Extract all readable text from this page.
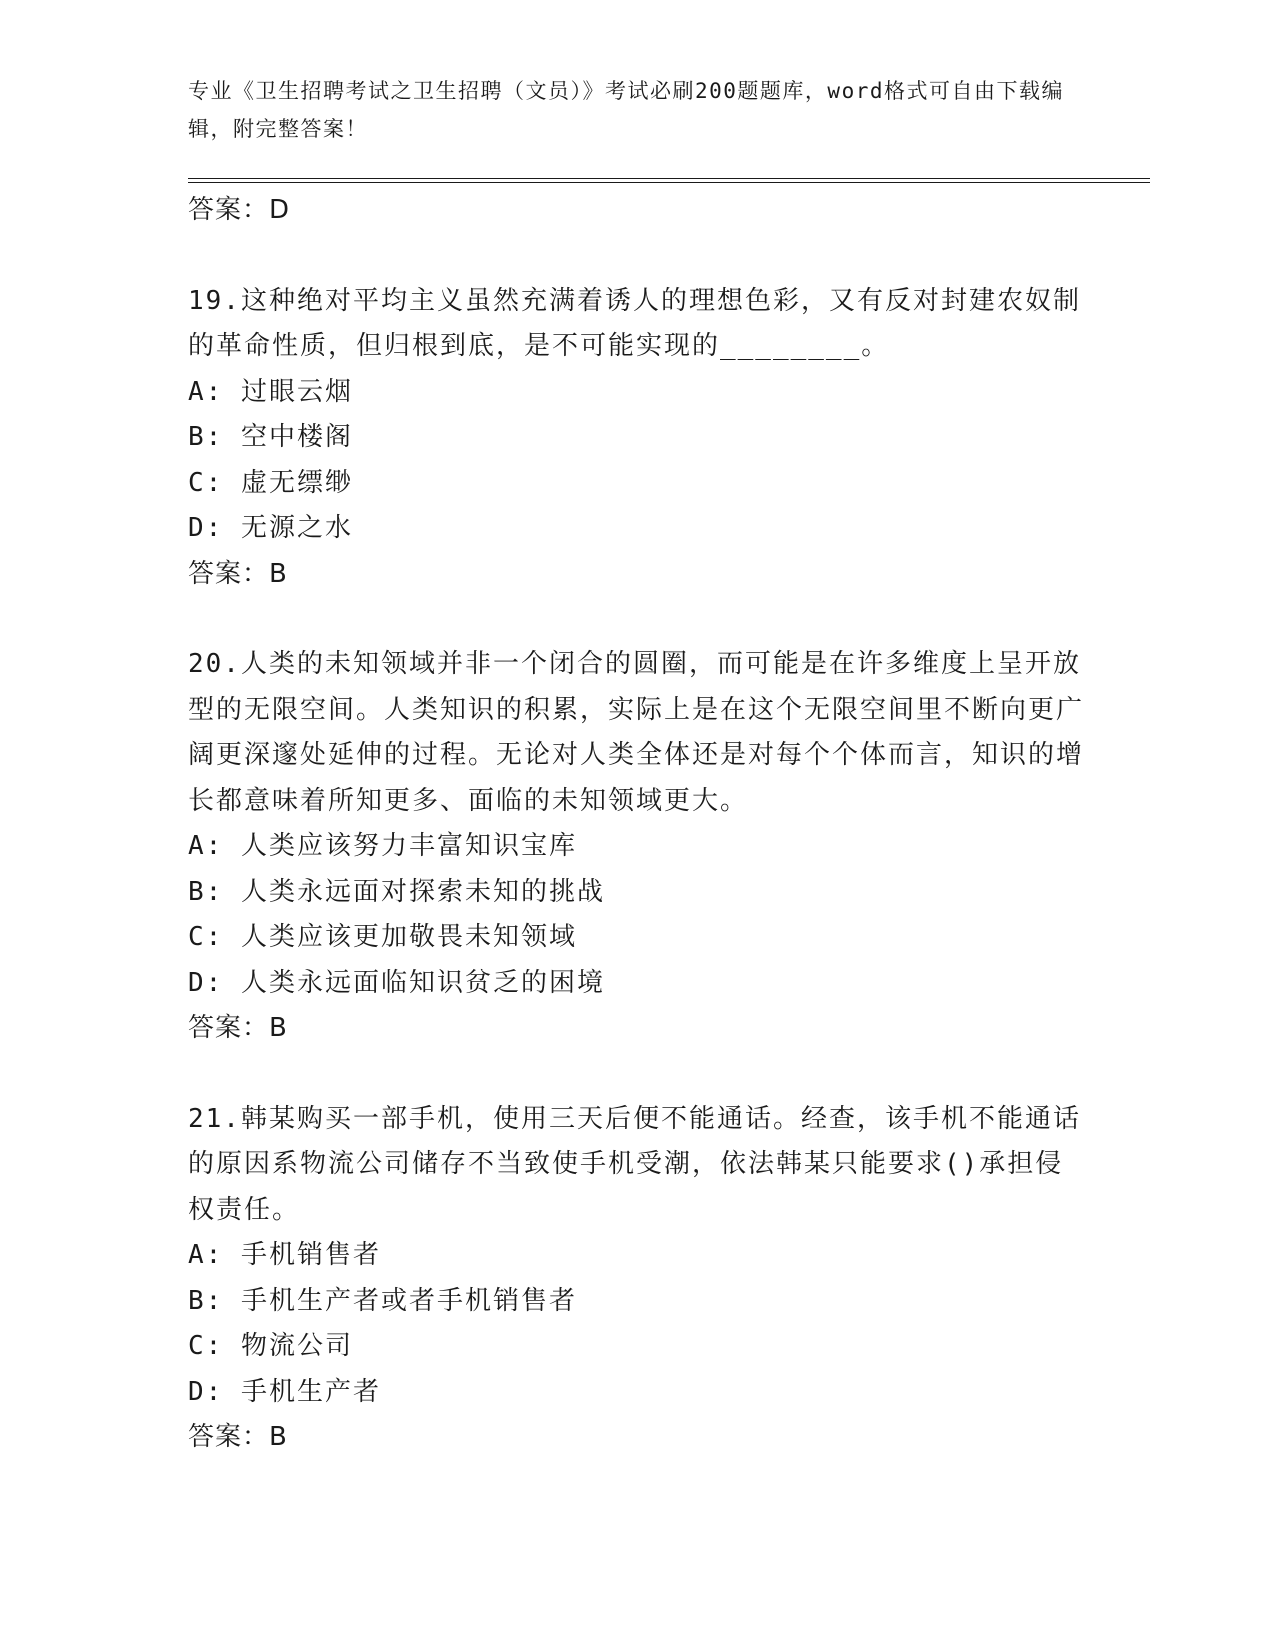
专业《卫生招聘考试之卫生招聘（文员）》考试必刷200题题库，word格式可自由下载编辑，附完整答案！
答案：D

19.这种绝对平均主义虽然充满着诱人的理想色彩，又有反对封建农奴制的革命性质，但归根到底，是不可能实现的________。

A: 过眼云烟

B: 空中楼阁

C: 虚无缥缈

D: 无源之水

答案：B

20.人类的未知领域并非一个闭合的圆圈，而可能是在许多维度上呈开放型的无限空间。人类知识的积累，实际上是在这个无限空间里不断向更广阔更深邃处延伸的过程。无论对人类全体还是对每个个体而言，知识的增长都意味着所知更多、面临的未知领域更大。

A: 人类应该努力丰富知识宝库

B: 人类永远面对探索未知的挑战

C: 人类应该更加敬畏未知领域

D: 人类永远面临知识贫乏的困境

答案：B

21.韩某购买一部手机，使用三天后便不能通话。经查，该手机不能通话的原因系物流公司储存不当致使手机受潮，依法韩某只能要求()承担侵权责任。

A: 手机销售者

B: 手机生产者或者手机销售者

C: 物流公司

D: 手机生产者

答案：B
